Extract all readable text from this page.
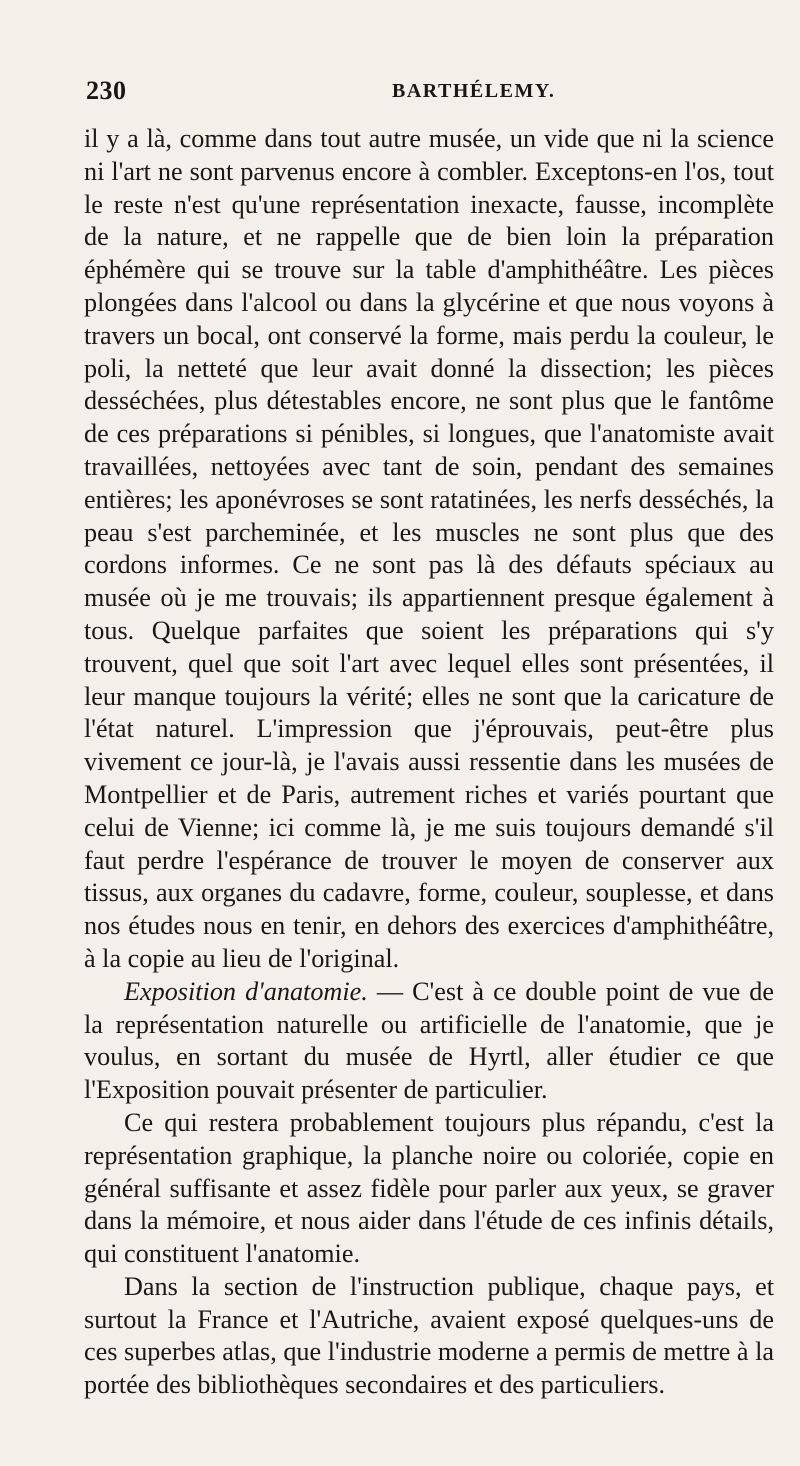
230	BARTHÉLEMY.

il y a là, comme dans tout autre musée, un vide que ni la science ni l'art ne sont parvenus encore à combler. Exceptons-en l'os, tout le reste n'est qu'une représentation inexacte, fausse, incomplète de la nature, et ne rappelle que de bien loin la préparation éphémère qui se trouve sur la table d'amphithéâtre. Les pièces plongées dans l'alcool ou dans la glycérine et que nous voyons à travers un bocal, ont conservé la forme, mais perdu la couleur, le poli, la netteté que leur avait donné la dissection; les pièces desséchées, plus détestables encore, ne sont plus que le fantôme de ces préparations si pénibles, si longues, que l'anatomiste avait travaillées, nettoyées avec tant de soin, pendant des semaines entières; les aponévroses se sont ratatinées, les nerfs desséchés, la peau s'est parcheminée, et les muscles ne sont plus que des cordons informes. Ce ne sont pas là des défauts spéciaux au musée où je me trouvais; ils appartiennent presque également à tous. Quelque parfaites que soient les préparations qui s'y trouvent, quel que soit l'art avec lequel elles sont présentées, il leur manque toujours la vérité; elles ne sont que la caricature de l'état naturel. L'impression que j'éprouvais, peut-être plus vivement ce jour-là, je l'avais aussi ressentie dans les musées de Montpellier et de Paris, autrement riches et variés pourtant que celui de Vienne; ici comme là, je me suis toujours demandé s'il faut perdre l'espérance de trouver le moyen de conserver aux tissus, aux organes du cadavre, forme, couleur, souplesse, et dans nos études nous en tenir, en dehors des exercices d'amphithéâtre, à la copie au lieu de l'original.

Exposition d'anatomie. — C'est à ce double point de vue de la représentation naturelle ou artificielle de l'anatomie, que je voulus, en sortant du musée de Hyrtl, aller étudier ce que l'Exposition pouvait présenter de particulier.

Ce qui restera probablement toujours plus répandu, c'est la représentation graphique, la planche noire ou coloriée, copie en général suffisante et assez fidèle pour parler aux yeux, se graver dans la mémoire, et nous aider dans l'étude de ces infinis détails, qui constituent l'anatomie.

Dans la section de l'instruction publique, chaque pays, et surtout la France et l'Autriche, avaient exposé quelques-uns de ces superbes atlas, que l'industrie moderne a permis de mettre à la portée des bibliothèques secondaires et des particuliers.
